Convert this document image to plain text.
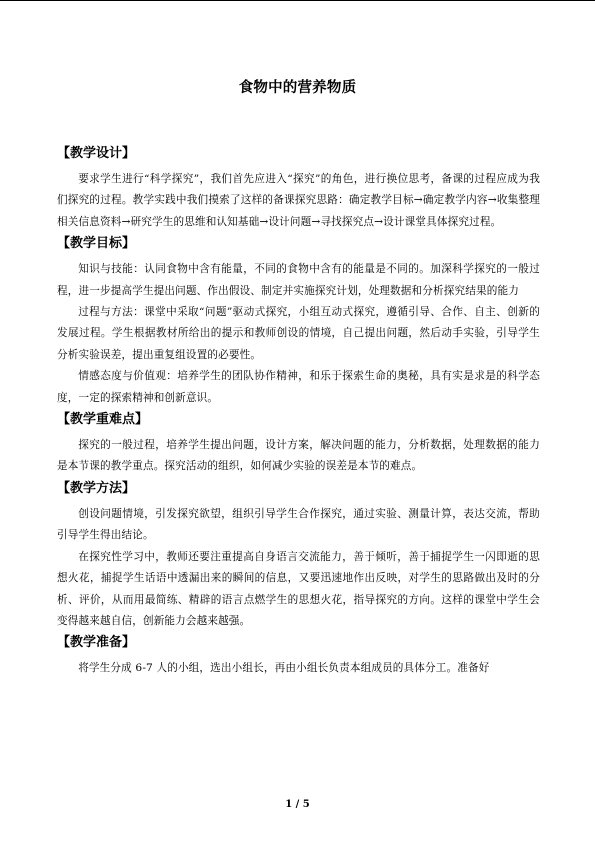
食物中的营养物质
【教学设计】

要求学生进行“科学探究”，我们首先应进入“探究”的角色，进行换位思考，备课的过程应成为我们探究的过程。教学实践中我们摸索了这样的备课探究思路：确定教学目标→确定教学内容→收集整理相关信息资料→研究学生的思维和认知基础→设计问题→寻找探究点→设计课堂具体探究过程。

【教学目标】

知识与技能：认同食物中含有能量，不同的食物中含有的能量是不同的。加深科学探究的一般过程，进一步提高学生提出问题、作出假设、制定并实施探究计划，处理数据和分析探究结果的能力

过程与方法：课堂中采取“问题”驱动式探究，小组互动式探究，遵循引导、合作、自主、创新的发展过程。学生根据教材所给出的提示和教师创设的情境，自己提出问题，然后动手实验，引导学生分析实验误差，提出重复组设置的必要性。

情感态度与价值观：培养学生的团队协作精神，和乐于探索生命的奥秘，具有实是求是的科学态度，一定的探索精神和创新意识。

【教学重难点】

探究的一般过程，培养学生提出问题，设计方案，解决问题的能力，分析数据，处理数据的能力是本节课的教学重点。探究活动的组织，如何减少实验的误差是本节的难点。

【教学方法】

创设问题情境，引发探究欲望，组织引导学生合作探究，通过实验、测量计算，表达交流，帮助引导学生得出结论。

在探究性学习中，教师还要注重提高自身语言交流能力，善于倾听，善于捕捉学生一闪即逝的思想火花，捕捉学生话语中透漏出来的瞬间的信息，又要迅速地作出反映，对学生的思路做出及时的分析、评价，从而用最简练、精辟的语言点燃学生的思想火花，指导探究的方向。这样的课堂中学生会变得越来越自信，创新能力会越来越强。

【教学准备】

将学生分成 6-7 人的小组，选出小组长，再由小组长负责本组成员的具体分工。准备好

1 / 5
